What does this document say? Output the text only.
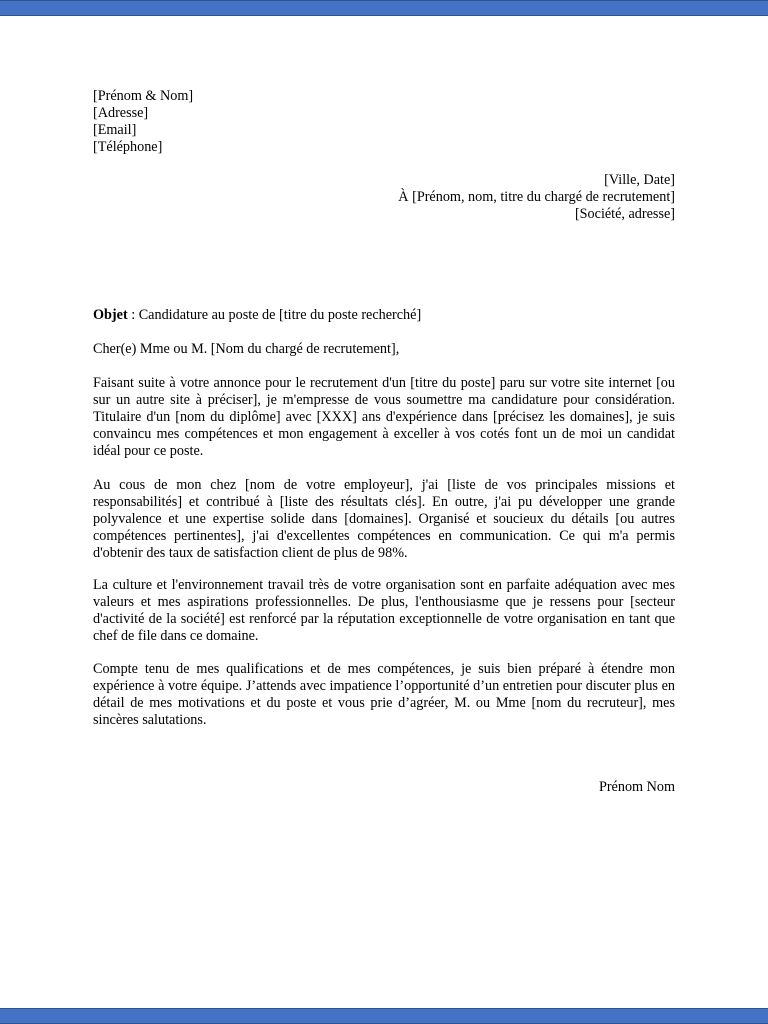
[Prénom & Nom]
[Adresse]
[Email]
[Téléphone]
[Ville, Date]
À [Prénom, nom, titre du chargé de recrutement]
[Société, adresse]
Objet : Candidature au poste de [titre du poste recherché]
Cher(e) Mme ou M. [Nom du chargé de recrutement],
Faisant suite à votre annonce pour le recrutement d'un [titre du poste] paru sur votre site internet [ou sur un autre site à préciser], je m'empresse de vous soumettre ma candidature pour considération. Titulaire d'un [nom du diplôme] avec [XXX] ans d'expérience dans [précisez les domaines], je suis convaincu mes compétences et mon engagement à exceller à vos cotés font un de moi un candidat idéal pour ce poste.
Au cous de mon chez [nom de votre employeur], j'ai [liste de vos principales missions et responsabilités] et contribué à [liste des résultats clés]. En outre, j'ai pu développer une grande polyvalence et une expertise solide dans [domaines]. Organisé et soucieux du détails [ou autres compétences pertinentes], j'ai d'excellentes compétences en communication. Ce qui m'a permis d'obtenir des taux de satisfaction client de plus de 98%.
La culture et l'environnement travail très de votre organisation sont en parfaite adéquation avec mes valeurs et mes aspirations professionnelles. De plus, l'enthousiasme que je ressens pour [secteur d'activité de la société] est renforcé par la réputation exceptionnelle de votre organisation en tant que chef de file dans ce domaine.
Compte tenu de mes qualifications et de mes compétences, je suis bien préparé à étendre mon expérience à votre équipe. J’attends avec impatience l’opportunité d’un entretien pour discuter plus en détail de mes motivations et du poste et vous prie d’agréer, M. ou Mme [nom du recruteur], mes sincères salutations.
Prénom Nom
